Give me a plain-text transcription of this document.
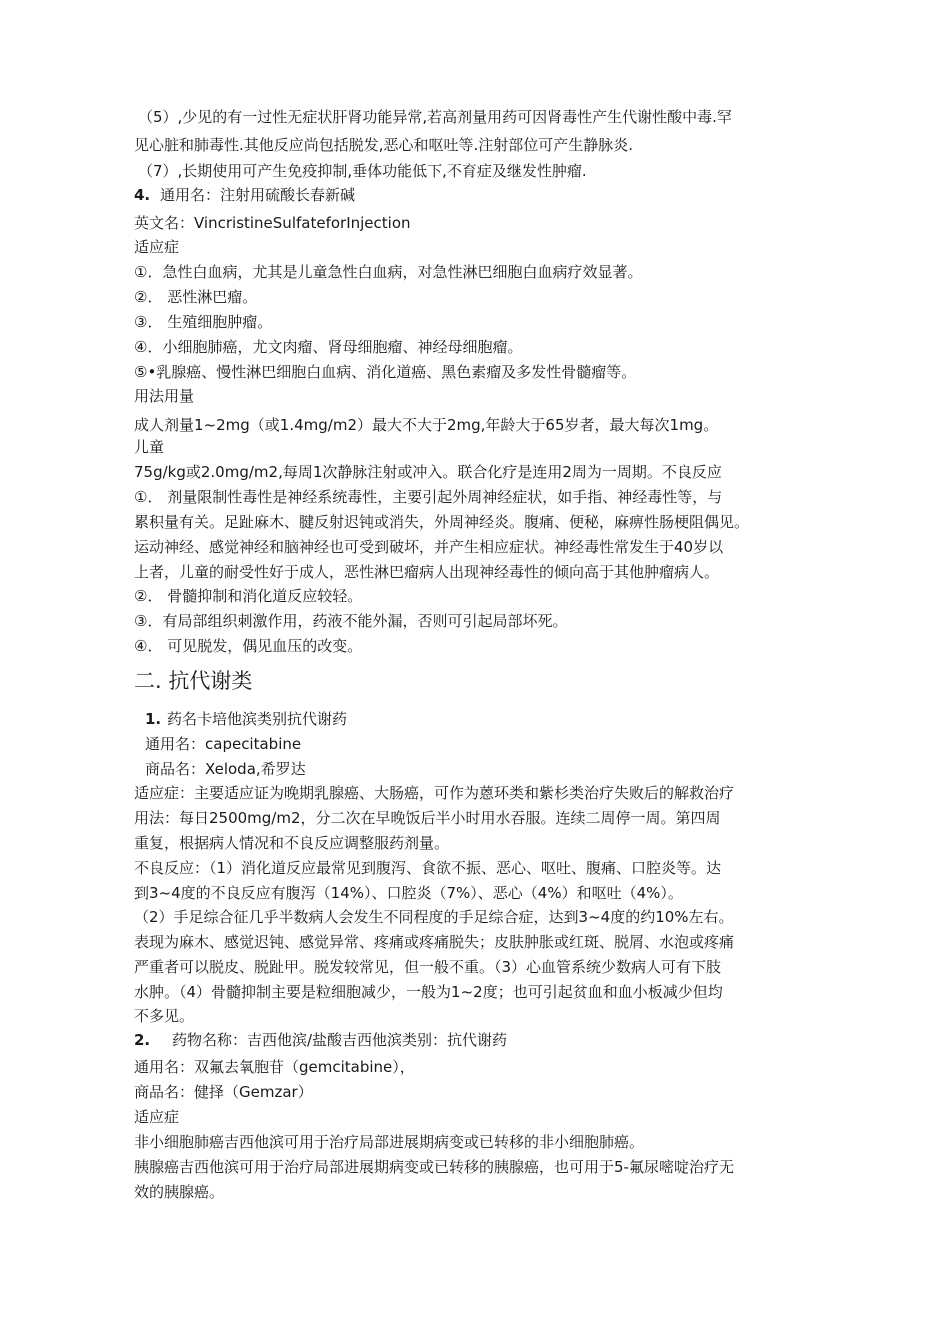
（5）,少见的有一过性无症状肝肾功能异常,若高剂量用药可因肾毒性产生代谢性酸中毒.罕
见心脏和肺毒性.其他反应尚包括脱发,恶心和呕吐等.注射部位可产生静脉炎.
（7）,长期使用可产生免疫抑制,垂体功能低下,不育症及继发性肿瘤.
4. 通用名：注射用硫酸长春新碱
英文名：VincristineSulfateforInjection
适应症
①．急性白血病，尤其是儿童急性白血病，对急性淋巴细胞白血病疗效显著。
②． 恶性淋巴瘤。
③． 生殖细胞肿瘤。
④．小细胞肺癌，尤文肉瘤、肾母细胞瘤、神经母细胞瘤。
⑤•乳腺癌、慢性淋巴细胞白血病、消化道癌、黑色素瘤及多发性骨髓瘤等。
用法用量
成人剂量1~2mg（或1.4mg/m2）最大不大于2mg,年龄大于65岁者，最大每次1mg。
儿童
75g/kg或2.0mg/m2,每周1次静脉注射或冲入。联合化疗是连用2周为一周期。不良反应
①． 剂量限制性毒性是神经系统毒性，主要引起外周神经症状，如手指、神经毒性等，与
累积量有关。足趾麻木、腱反射迟钝或消失，外周神经炎。腹痛、便秘，麻痹性肠梗阻偶见。
运动神经、感觉神经和脑神经也可受到破坏，并产生相应症状。神经毒性常发生于40岁以
上者，儿童的耐受性好于成人，恶性淋巴瘤病人出现神经毒性的倾向高于其他肿瘤病人。
②． 骨髓抑制和消化道反应较轻。
③．有局部组织刺激作用，药液不能外漏，否则可引起局部坏死。
④． 可见脱发，偶见血压的改变。
二. 抗代谢类
1. 药名卡培他滨类别抗代谢药
通用名：capecitabine
商品名：Xeloda,希罗达
适应症：主要适应证为晚期乳腺癌、大肠癌，可作为蒽环类和紫杉类治疗失败后的解救治疗
用法：每日2500mg/m2，分二次在早晚饭后半小时用水吞服。连续二周停一周。第四周
重复，根据病人情况和不良反应调整服药剂量。
不良反应：（1）消化道反应最常见到腹泻、食欲不振、恶心、呕吐、腹痛、口腔炎等。达
到3~4度的不良反应有腹泻（14%）、口腔炎（7%）、恶心（4%）和呕吐（4%）。
（2）手足综合征几乎半数病人会发生不同程度的手足综合症，达到3~4度的约10%左右。
表现为麻木、感觉迟钝、感觉异常、疼痛或疼痛脱失；皮肤肿胀或红斑、脱屑、水泡或疼痛
严重者可以脱皮、脱趾甲。脱发较常见，但一般不重。（3）心血管系统少数病人可有下肢
水肿。（4）骨髓抑制主要是粒细胞减少，一般为1~2度；也可引起贫血和血小板减少但均
不多见。
2. 药物名称：吉西他滨/盐酸吉西他滨类别：抗代谢药
通用名：双氟去氧胞苷（gemcitabine），
商品名：健择（Gemzar）
适应症
非小细胞肺癌吉西他滨可用于治疗局部进展期病变或已转移的非小细胞肺癌。
胰腺癌吉西他滨可用于治疗局部进展期病变或已转移的胰腺癌，也可用于5-氟尿嘧啶治疗无
效的胰腺癌。
